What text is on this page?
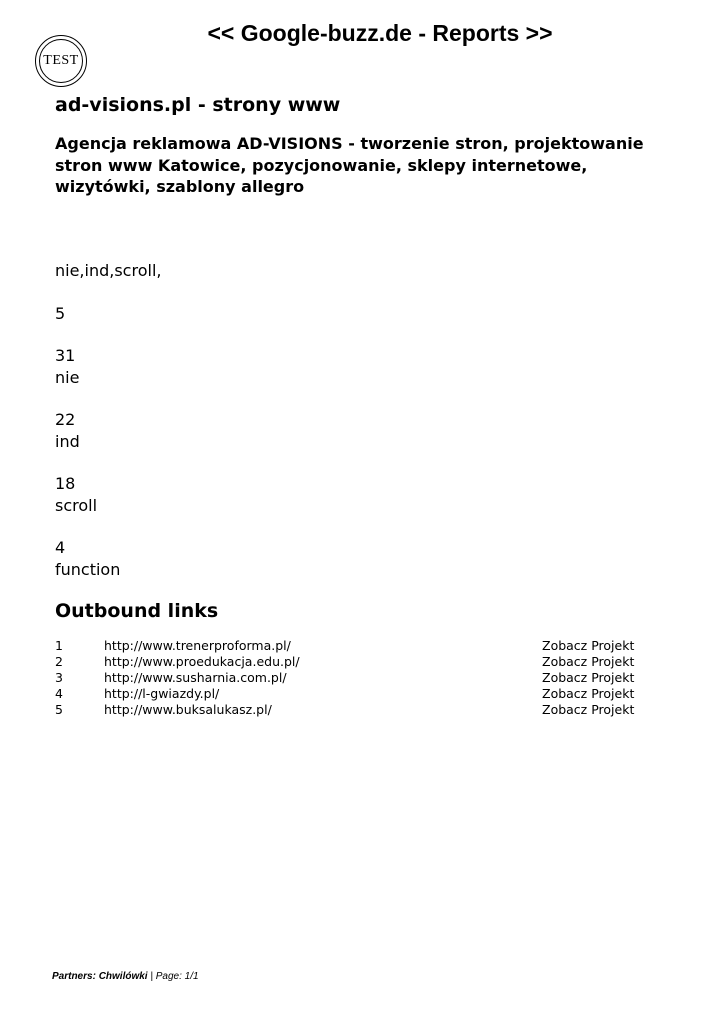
TEST
<< Google-buzz.de - Reports >>
ad-visions.pl - strony www
Agencja reklamowa AD-VISIONS - tworzenie stron, projektowanie stron www Katowice, pozycjonowanie, sklepy internetowe, wizytówki, szablony allegro
nie,ind,scroll,
5
31
nie
22
ind
18
scroll
4
function
Outbound links
1	http://www.trenerproforma.pl/	Zobacz Projekt
2	http://www.proedukacja.edu.pl/	Zobacz Projekt
3	http://www.susharnia.com.pl/	Zobacz Projekt
4	http://l-gwiazdy.pl/	Zobacz Projekt
5	http://www.buksalukasz.pl/	Zobacz Projekt
Partners: Chwilówki | Page: 1/1
